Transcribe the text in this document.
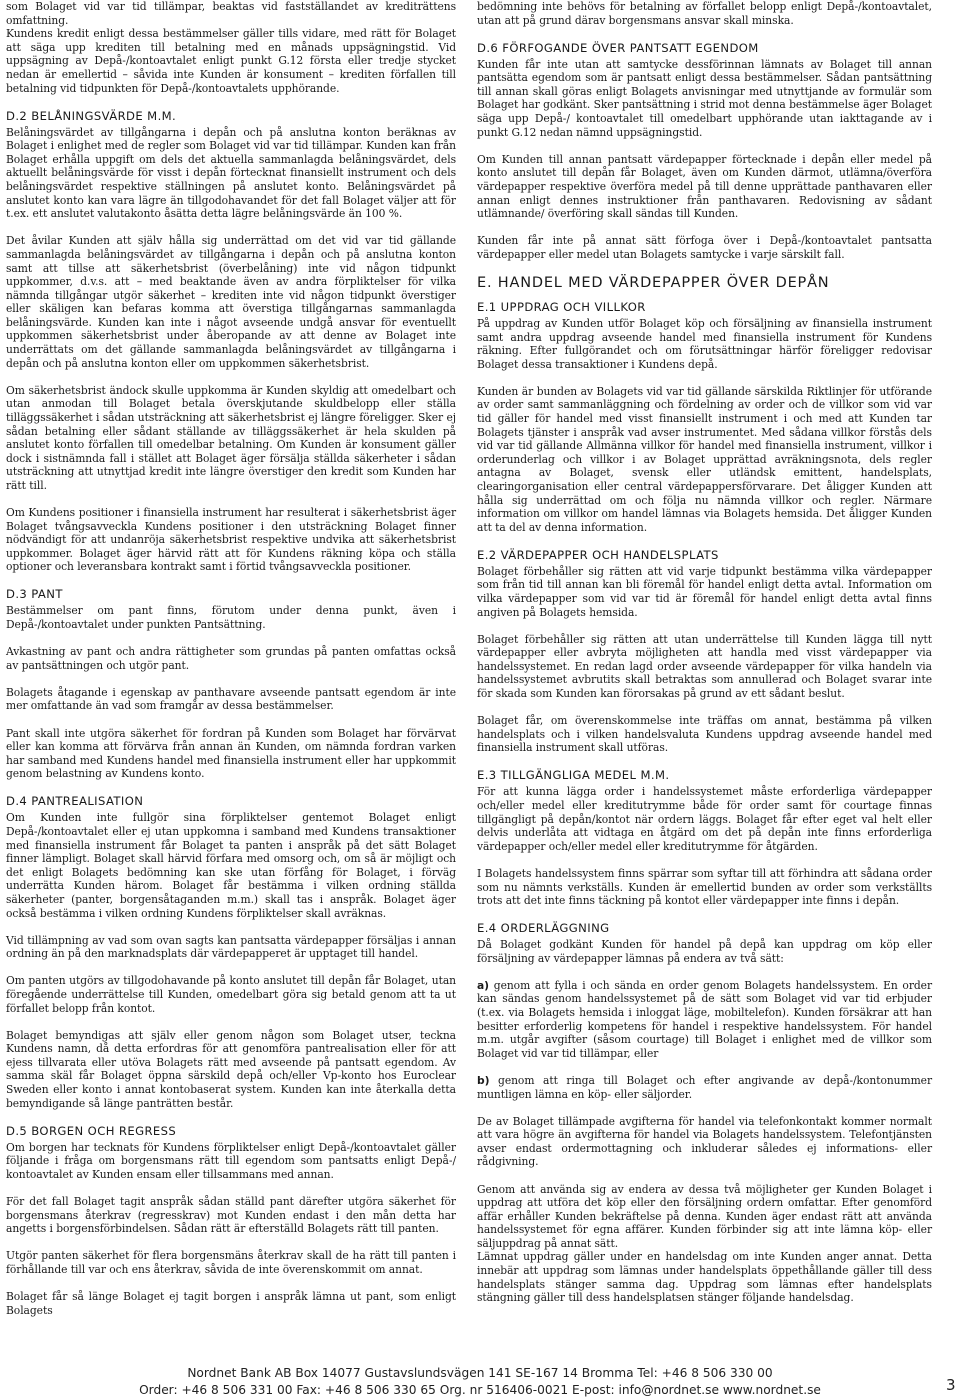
som Bolaget vid var tid tillämpar, beaktas vid fastställandet av krediträttens omfattning.

Kundens kredit enligt dessa bestämmelser gäller tills vidare, med rätt för Bolaget att säga upp krediten till betalning med en månads uppsägningstid. Vid uppsägning av Depå-/kontoavtalet enligt punkt G.12 första eller tredje stycket nedan är emellertid – såvida inte Kunden är konsument – krediten förfallen till betalning vid tidpunkten för Depå-/kontoavtalets upphörande.

D.2 BELÅNINGSVÄRDE M.M.

Belåningsvärdet av tillgångarna i depån och på anslutna konton beräknas av Bolaget i enlighet med de regler som Bolaget vid var tid tillämpar. Kunden kan från Bolaget erhålla uppgift om dels det aktuella sammanlagda belåningsvärdet, dels aktuellt belåningsvärde för visst i depån förtecknat finansiellt instrument och dels belåningsvärdet respektive ställningen på anslutet konto. Belåningsvärdet på anslutet konto kan vara lägre än tillgodohavandet för det fall Bolaget väljer att för t.ex. ett anslutet valutakonto åsätta detta lägre belåningsvärde än 100 %.

Det åvilar Kunden att själv hålla sig underrättad om det vid var tid gällande sammanlagda belåningsvärdet av tillgångarna i depån och på anslutna konton samt att tillse att säkerhetsbrist (överbelåning) inte vid någon tidpunkt uppkommer, d.v.s. att – med beaktande även av andra förpliktelser för vilka nämnda tillgångar utgör säkerhet – krediten inte vid någon tidpunkt överstiger eller skäligen kan befaras komma att överstiga tillgångarnas sammanlagda belåningsvärde. Kunden kan inte i något avseende undgå ansvar för eventuellt uppkommen säkerhetsbrist under åberopande av att denne av Bolaget inte underrättats om det gällande sammanlagda belåningsvärdet av tillgångarna i depån och på anslutna konton eller om uppkommen säkerhetsbrist.

Om säkerhetsbrist ändock skulle uppkomma är Kunden skyldig att omedelbart och utan anmodan till Bolaget betala överskjutande skuldbelopp eller ställa tilläggssäkerhet i sådan utsträckning att säkerhetsbrist ej längre föreligger. Sker ej sådan betalning eller sådant ställande av tilläggssäkerhet är hela skulden på anslutet konto förfallen till omedelbar betalning. Om Kunden är konsument gäller dock i sistnämnda fall i stället att Bolaget äger försälja ställda säkerheter i sådan utsträckning att utnyttjad kredit inte längre överstiger den kredit som Kunden har rätt till.

Om Kundens positioner i finansiella instrument har resulterat i säkerhetsbrist äger Bolaget tvångsavveckla Kundens positioner i den utsträckning Bolaget finner nödvändigt för att undanröja säkerhetsbrist respektive undvika att säkerhetsbrist uppkommer. Bolaget äger härvid rätt att för Kundens räkning köpa och ställa optioner och leveransbara kontrakt samt i förtid tvångsavveckla positioner.

D.3 PANT

Bestämmelser om pant finns, förutom under denna punkt, även i Depå-/kontoavtalet under punkten Pantsättning.

Avkastning av pant och andra rättigheter som grundas på panten omfattas också av pantsättningen och utgör pant.

Bolagets åtagande i egenskap av panthavare avseende pantsatt egendom är inte mer omfattande än vad som framgår av dessa bestämmelser.

Pant skall inte utgöra säkerhet för fordran på Kunden som Bolaget har förvärvat eller kan komma att förvärva från annan än Kunden, om nämnda fordran varken har samband med Kundens handel med finansiella instrument eller har uppkommit genom belastning av Kundens konto.

D.4 PANTREALISATION

Om Kunden inte fullgör sina förpliktelser gentemot Bolaget enligt Depå-/kontoavtalet eller ej utan uppkomna i samband med Kundens transaktioner med finansiella instrument får Bolaget ta panten i anspråk på det sätt Bolaget finner lämpligt. Bolaget skall härvid förfara med omsorg och, om så är möjligt och det enligt Bolagets bedömning kan ske utan förfång för Bolaget, i förväg underrätta Kunden härom. Bolaget får bestämma i vilken ordning ställda säkerheter (panter, borgensåtaganden m.m.) skall tas i anspråk. Bolaget äger också bestämma i vilken ordning Kundens förpliktelser skall avräknas.

Vid tillämpning av vad som ovan sagts kan pantsatta värdepapper försäljas i annan ordning än på den marknadsplats där värdepapperet är upptaget till handel.

Om panten utgörs av tillgodohavande på konto anslutet till depån får Bolaget, utan föregående underrättelse till Kunden, omedelbart göra sig betald genom att ta ut förfallet belopp från kontot.

Bolaget bemyndigas att själv eller genom någon som Bolaget utser, teckna Kundens namn, då detta erfordras för att genomföra pantrealisation eller för att ejess tillvarata eller utöva Bolagets rätt med avseende på pantsatt egendom. Av samma skäl får Bolaget öppna särskild depå och/eller Vp-konto hos Euroclear Sweden eller konto i annat kontobaserat system. Kunden kan inte återkalla detta bemyndigande så länge panträtten består.

D.5 BORGEN OCH REGRESS

Om borgen har tecknats för Kundens förpliktelser enligt Depå-/kontoavtalet gäller följande i fråga om borgensmans rätt till egendom som pantsatts enligt Depå-/ kontoavtalet av Kunden ensam eller tillsammans med annan.

För det fall Bolaget tagit anspråk sådan ställd pant därefter utgöra säkerhet för borgensmans återkrav (regresskrav) mot Kunden endast i den mån detta har angetts i borgensförbindelsen. Sådan rätt är efterställd Bolagets rätt till panten.

Utgör panten säkerhet för flera borgensmäns återkrav skall de ha rätt till panten i förhållande till var och ens återkrav, såvida de inte överenskommit om annat.

Bolaget får så länge Bolaget ej tagit borgen i anspråk lämna ut pant, som enligt Bolagets

bedömning inte behövs för betalning av förfallet belopp enligt Depå-/kontoavtalet, utan att på grund därav borgensmans ansvar skall minska.

D.6 FÖRFOGANDE ÖVER PANTSATT EGENDOM

Kunden får inte utan att samtycke dessförinnan lämnats av Bolaget till annan pantsätta egendom som är pantsatt enligt dessa bestämmelser. Sådan pantsättning till annan skall göras enligt Bolagets anvisningar med utnyttjande av formulär som Bolaget har godkänt. Sker pantsättning i strid mot denna bestämmelse äger Bolaget säga upp Depå-/ kontoavtalet till omedelbart upphörande utan iakttagande av i punkt G.12 nedan nämnd uppsägningstid.

Om Kunden till annan pantsatt värdepapper förtecknade i depån eller medel på konto anslutet till depån får Bolaget, även om Kunden därmot, utlämna/överföra värdepapper respektive överföra medel på till denne upprättade panthavaren eller annan enligt dennes instruktioner från panthavaren. Redovisning av sådant utlämnande/ överföring skall sändas till Kunden.

Kunden får inte på annat sätt förfoga över i Depå-/kontoavtalet pantsatta värdepapper eller medel utan Bolagets samtycke i varje särskilt fall.

E. HANDEL MED VÄRDEPAPPER ÖVER DEPÅN
E.1 UPPDRAG OCH VILLKOR

På uppdrag av Kunden utför Bolaget köp och försäljning av finansiella instrument samt andra uppdrag avseende handel med finansiella instrument för Kundens räkning. Efter fullgörandet och om förutsättningar härför föreligger redovisar Bolaget dessa transaktioner i Kundens depå.

Kunden är bunden av Bolagets vid var tid gällande särskilda Riktlinjer för utförande av order samt sammanläggning och fördelning av order och de villkor som vid var tid gäller för handel med visst finansiellt instrument i och med att Kunden tar Bolagets tjänster i anspråk vad avser instrumentet. Med sådana villkor förstås dels vid var tid gällande Allmänna villkor för handel med finansiella instrument, villkor i orderunderlag och villkor i av Bolaget upprättad avräkningsnota, dels regler antagna av Bolaget, svensk eller utländsk emittent, handelsplats, clearingorganisation eller central värdepappersförvarare. Det åligger Kunden att hålla sig underrättad om och följa nu nämnda villkor och regler. Närmare information om villkor om handel lämnas via Bolagets hemsida. Det åligger Kunden att ta del av denna information.

E.2 VÄRDEPAPPER OCH HANDELSPLATS

Bolaget förbehåller sig rätten att vid varje tidpunkt bestämma vilka värdepapper som från tid till annan kan bli föremål för handel enligt detta avtal. Information om vilka värdepapper som vid var tid är föremål för handel enligt detta avtal finns angiven på Bolagets hemsida.

Bolaget förbehåller sig rätten att utan underrättelse till Kunden lägga till nytt värdepapper eller avbryta möjligheten att handla med visst värdepapper via handelssystemet. En redan lagd order avseende värdepapper för vilka handeln via handelssystemet avbrutits skall betraktas som annullerad och Bolaget svarar inte för skada som Kunden kan förorsakas på grund av ett sådant beslut.

Bolaget får, om överenskommelse inte träffas om annat, bestämma på vilken handelsplats och i vilken handelsvaluta Kundens uppdrag avseende handel med finansiella instrument skall utföras.

E.3 TILLGÄNGLIGA MEDEL M.M.

För att kunna lägga order i handelssystemet måste erforderliga värdepapper och/eller medel eller kreditutrymme både för order samt för courtage finnas tillgängligt på depån/kontot när ordern läggs. Bolaget får efter eget val helt eller delvis underlåta att vidtaga en åtgärd om det på depån inte finns erforderliga värdepapper och/eller medel eller kreditutrymme för åtgärden.

I Bolagets handelssystem finns spärrar som syftar till att förhindra att sådana order som nu nämnts verkställs. Kunden är emellertid bunden av order som verkställts trots att det inte finns täckning på kontot eller värdepapper inte finns i depån.

E.4 ORDERLÄGGNING

Då Bolaget godkänt Kunden för handel på depå kan uppdrag om köp eller försäljning av värdepapper lämnas på endera av två sätt:

a) genom att fylla i och sända en order genom Bolagets handelssystem. En order kan sändas genom handelssystemet på de sätt som Bolaget vid var tid erbjuder (t.ex. via Bolagets hemsida i inloggat läge, mobiltelefon). Kunden försäkrar att han besitter erforderlig kompetens för handel i respektive handelssystem. För handel m.m. utgår avgifter (såsom courtage) till Bolaget i enlighet med de villkor som Bolaget vid var tid tillämpar, eller

b) genom att ringa till Bolaget och efter angivande av depå-/kontonummer muntligen lämna en köp- eller säljorder.

De av Bolaget tillämpade avgifterna för handel via telefonkontakt kommer normalt att vara högre än avgifterna för handel via Bolagets handelssystem. Telefontjänsten avser endast ordermottagning och inkluderar således ej informations- eller rådgivning.

Genom att använda sig av endera av dessa två möjligheter ger Kunden Bolaget i uppdrag att utföra det köp eller den försäljning ordern omfattar. Efter genomförd affär erhåller Kunden bekräftelse på denna. Kunden äger endast rätt att använda handelssystemet för egna affärer. Kunden förbinder sig att inte lämna köp- eller säljuppdrag på annat sätt.

Lämnat uppdrag gäller under en handelsdag om inte Kunden anger annat. Detta innebär att uppdrag som lämnas under handelsplats öppethållande gäller till dess handelsplats stänger samma dag. Uppdrag som lämnas efter handelsplats stängning gäller till dess handelsplatsen stänger följande handelsdag.

Nordnet Bank AB Box 14077 Gustavslundsvägen 141 SE-167 14 Bromma Tel: +46 8 506 330 00
Order: +46 8 506 331 00 Fax: +46 8 506 330 65 Org. nr 516406-0021 E-post: info@nordnet.se www.nordnet.se	3
